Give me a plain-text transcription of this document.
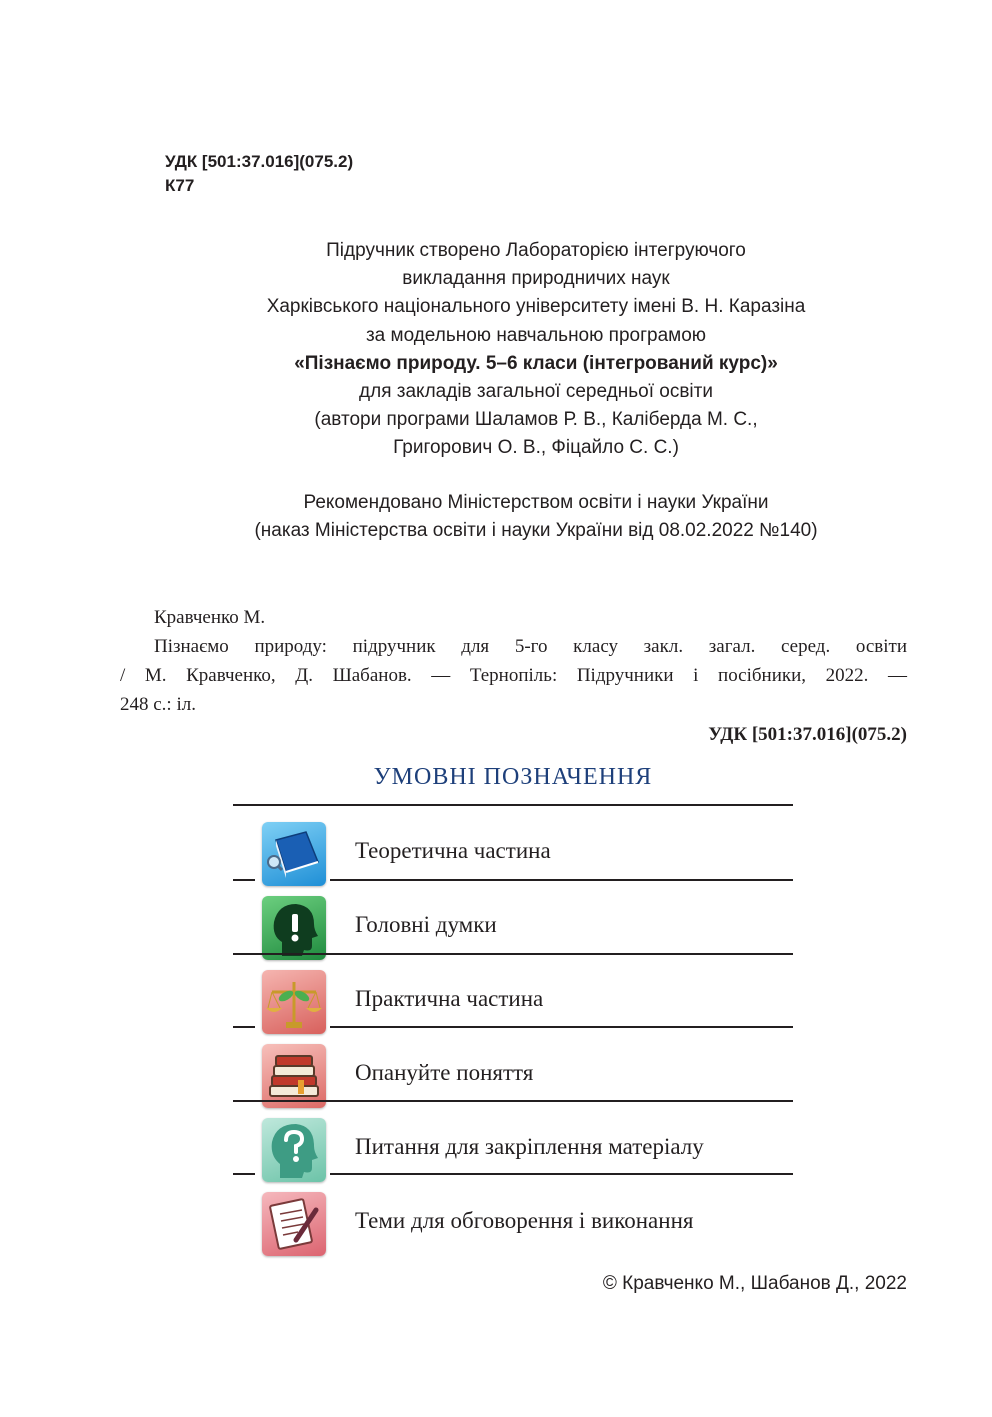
УДК [501:37.016](075.2)
К77
Підручник створено Лабораторією інтегруючого
викладання природничих наук
Харківського національного університету імені В. Н. Каразіна
за модельною навчальною програмою
«Пізнаємо природу. 5–6 класи (інтегрований курс)»
для закладів загальної середньої освіти
(автори програми Шаламов Р. В., Каліберда М. С.,
Григорович О. В., Фіцайло С. С.)
Рекомендовано Міністерством освіти і науки України
(наказ Міністерства освіти і науки України від 08.02.2022 №140)
Кравченко М.
Пізнаємо природу: підручник для 5-го класу закл. загал. серед. освіти
/ М. Кравченко, Д. Шабанов. — Тернопіль: Підручники і посібники, 2022. —
248 с.: іл.
УДК [501:37.016](075.2)
УМОВНІ ПОЗНАЧЕННЯ
Теоретична частина
Головні думки
Практична частина
Опануйте поняття
Питання для закріплення матеріалу
Теми для обговорення і виконання
© Кравченко М., Шабанов Д., 2022
